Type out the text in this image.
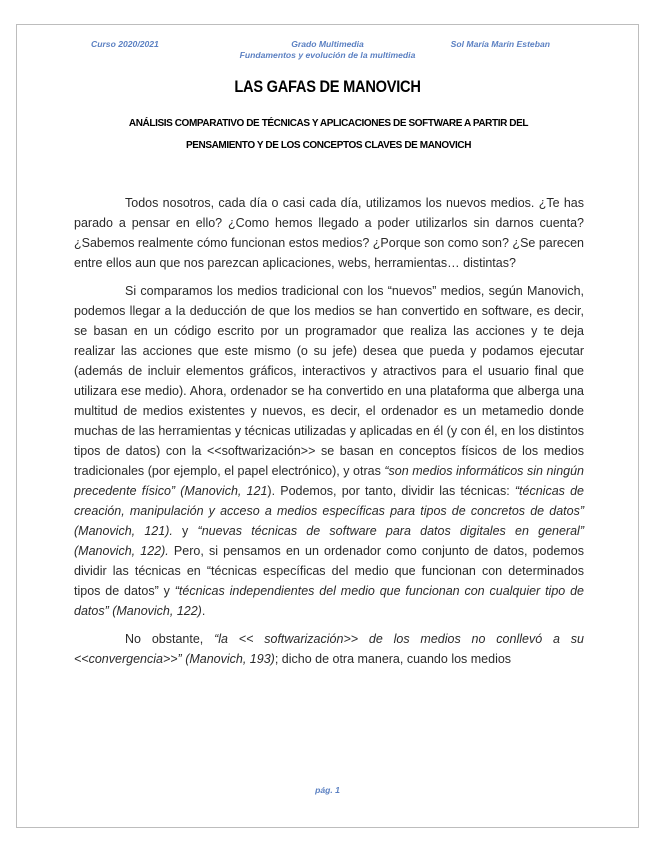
Curso 2020/2021	Grado Multimedia
Fundamentos y evolución de la multimedia
Sol María Marín Esteban
LAS GAFAS DE MANOVICH
ANÁLISIS COMPARATIVO DE TÉCNICAS Y APLICACIONES DE SOFTWARE A PARTIR DEL
PENSAMIENTO Y DE LOS CONCEPTOS CLAVES DE MANOVICH

Todos nosotros, cada día o casi cada día, utilizamos los nuevos medios. ¿Te has parado a pensar en ello? ¿Como hemos llegado a poder utilizarlos sin darnos cuenta? ¿Sabemos realmente cómo funcionan estos medios? ¿Porque son como son? ¿Se parecen entre ellos aun que nos parezcan aplicaciones, webs, herramientas… distintas?

Si comparamos los medios tradicional con los “nuevos” medios, según Manovich, podemos llegar a la deducción de que los medios se han convertido en software, es decir, se basan en un código escrito por un programador que realiza las acciones y te deja realizar las acciones que este mismo (o su jefe) desea que pueda y podamos ejecutar (además de incluir elementos gráficos, interactivos y atractivos para el usuario final que utilizara ese medio). Ahora, ordenador se ha convertido en una plataforma que alberga una multitud de medios existentes y nuevos, es decir, el ordenador es un metamedio donde muchas de las herramientas y técnicas utilizadas y aplicadas en él (y con él, en los distintos tipos de datos) con la <<softwarización>> se basan en conceptos físicos de los medios tradicionales (por ejemplo, el papel electrónico), y otras “son medios informáticos sin ningún precedente físico” (Manovich, 121). Podemos, por tanto, dividir las técnicas: “técnicas de creación, manipulación y acceso a medios específicas para tipos de concretos de datos” (Manovich, 121). y “nuevas técnicas de software para datos digitales en general” (Manovich, 122). Pero, si pensamos en un ordenador como conjunto de datos, podemos dividir las técnicas en “técnicas específicas del medio que funcionan con determinados tipos de datos” y “técnicas independientes del medio que funcionan con cualquier tipo de datos” (Manovich, 122).

No obstante, “la << softwarización>> de los medios no conllevó a su <<convergencia>>” (Manovich, 193); dicho de otra manera, cuando los medios

pág. 1
